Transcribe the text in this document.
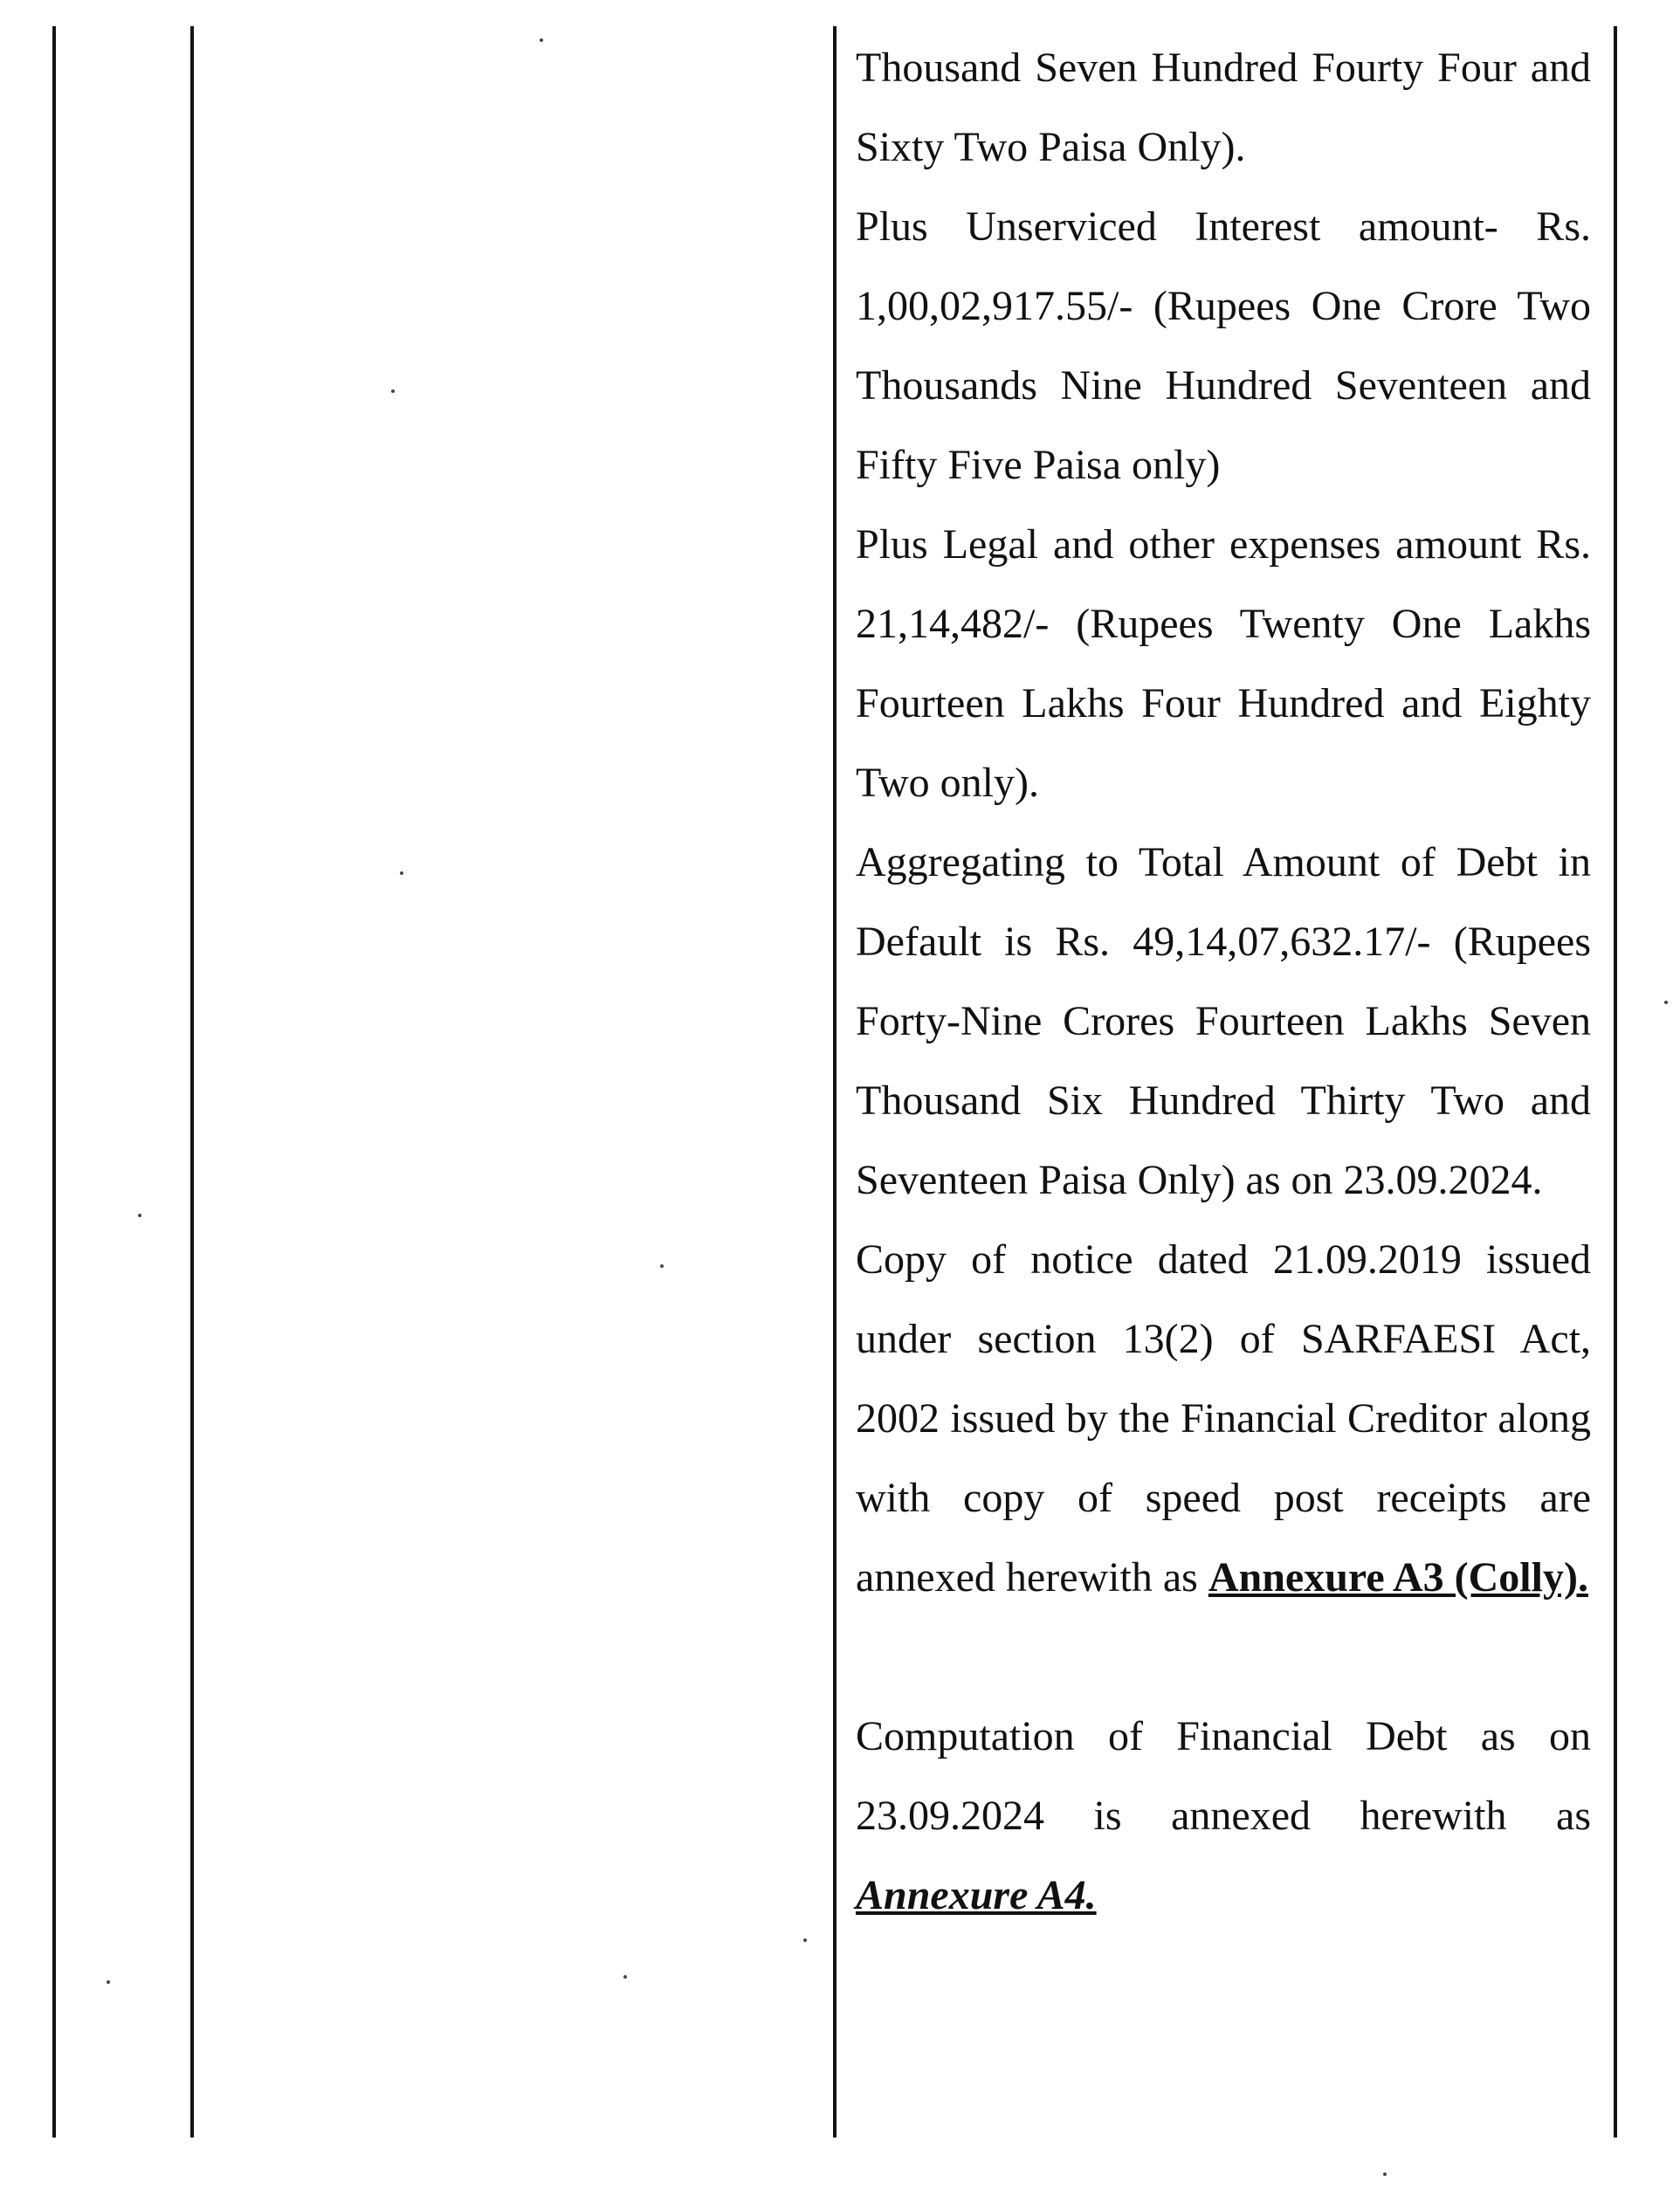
Thousand Seven Hundred Fourty Four and Sixty Two Paisa Only).

Plus Unserviced Interest amount- Rs. 1,00,02,917.55/- (Rupees One Crore Two Thousands Nine Hundred Seventeen and Fifty Five Paisa only)

Plus Legal and other expenses amount Rs. 21,14,482/- (Rupees Twenty One Lakhs Fourteen Lakhs Four Hundred and Eighty Two only).

Aggregating to Total Amount of Debt in Default is Rs. 49,14,07,632.17/- (Rupees Forty-Nine Crores Fourteen Lakhs Seven Thousand Six Hundred Thirty Two and Seventeen Paisa Only) as on 23.09.2024.

Copy of notice dated 21.09.2019 issued under section 13(2) of SARFAESI Act, 2002 issued by the Financial Creditor along with copy of speed post receipts are annexed herewith as Annexure A3 (Colly).

Computation of Financial Debt as on 23.09.2024 is annexed herewith as Annexure A4.
